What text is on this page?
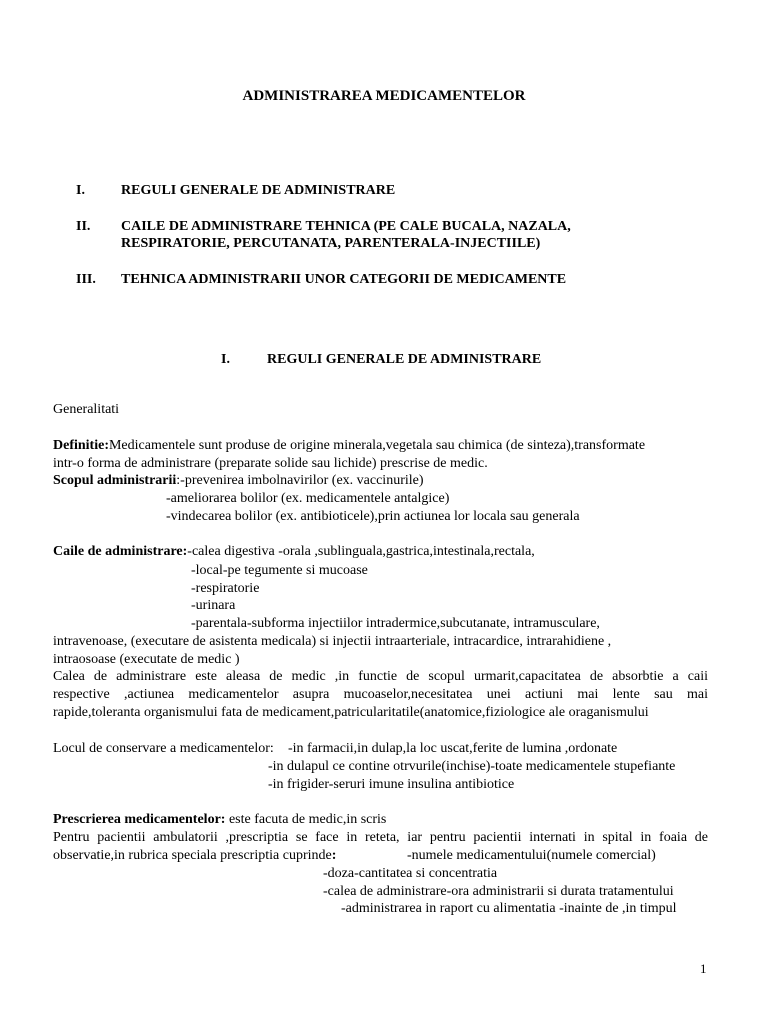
ADMINISTRAREA MEDICAMENTELOR
I.	REGULI GENERALE DE ADMINISTRARE
II. CAILE DE ADMINISTRARE TEHNICA (PE CALE BUCALA, NAZALA,
RESPIRATORIE, PERCUTANATA, PARENTERALA-INJECTIILE)
III. TEHNICA ADMINISTRARII UNOR CATEGORII DE MEDICAMENTE
I.	REGULI GENERALE DE ADMINISTRARE
Generalitati
Definitie:Medicamentele sunt produse de origine minerala,vegetala sau chimica (de sinteza),transformate
intr-o forma de administrare (preparate solide sau lichide) prescrise de medic.
Scopul administrarii:-prevenirea imbolnavirilor (ex. vaccinurile)
-ameliorarea bolilor (ex. medicamentele antalgice)
-vindecarea bolilor (ex. antibioticele),prin actiunea lor locala sau generala
Caile de administrare:-calea digestiva -orala ,sublinguala,gastrica,intestinala,rectala,
-local-pe tegumente si mucoase
-respiratorie
-urinara
-parentala-subforma injectiilor intradermice,subcutanate, intramusculare,
intravenoase, (executare de asistenta medicala) si injectii intraarteriale, intracardice, intrarahidiene ,
intraosoase (executate de medic )
Calea de administrare este aleasa de medic ,in functie de scopul urmarit,capacitatea de absorbtie a caii
respective ,actiunea medicamentelor asupra mucoaselor,necesitatea unei actiuni mai lente sau mai
rapide,toleranta organismului fata de medicament,patricularitatile(anatomice,fiziologice ale oraganismului
Locul de conservare a medicamentelor: -in farmacii,in dulap,la loc uscat,ferite de lumina ,ordonate
-in dulapul ce contine otrvurile(inchise)-toate medicamentele stupefiante
-in frigider-seruri imune insulina antibiotice
Prescrierea medicamentelor: este facuta de medic,in scris
Pentru pacientii ambulatorii ,prescriptia se face in reteta, iar pentru pacientii internati in spital in foaia de
observatie,in rubrica speciala prescriptia cuprinde:	-numele medicamentului(numele comercial)
-doza-cantitatea si concentratia
-calea de administrare-ora administrarii si durata tratamentului
-administrarea in raport cu alimentatia -inainte de ,in timpul
1
